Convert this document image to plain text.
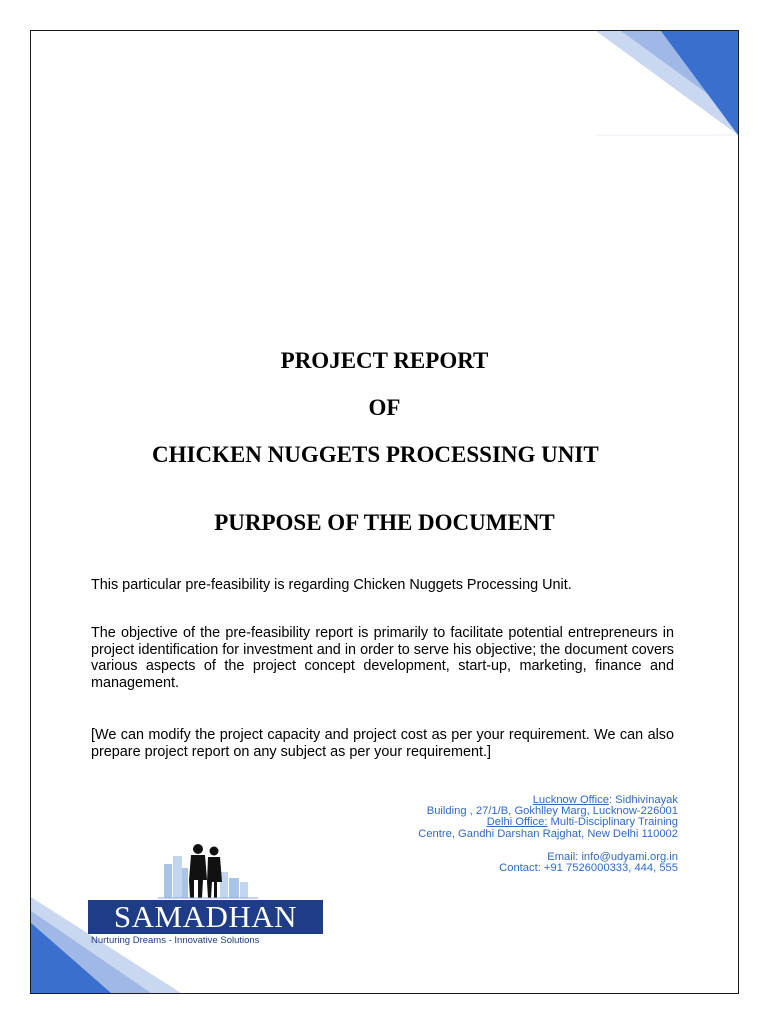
PROJECT REPORT
OF
CHICKEN NUGGETS PROCESSING UNIT
PURPOSE OF THE DOCUMENT
This particular pre-feasibility is regarding Chicken Nuggets Processing Unit.
The objective of the pre-feasibility report is primarily to facilitate potential entrepreneurs in project identification for investment and in order to serve his objective; the document covers various aspects of the project concept development, start-up, marketing, finance and management.
[We can modify the project capacity and project cost as per your requirement. We can also prepare project report on any subject as per your requirement.]
Lucknow Office: Sidhivinayak
Building , 27/1/B, Gokhlley Marg, Lucknow-226001
Delhi Office: Multi-Disciplinary Training
Centre, Gandhi Darshan Rajghat, New Delhi 110002
Email: info@udyami.org.in
Contact: +91 7526000333, 444, 555
SAMADHAN
Nurturing Dreams - Innovative Solutions
